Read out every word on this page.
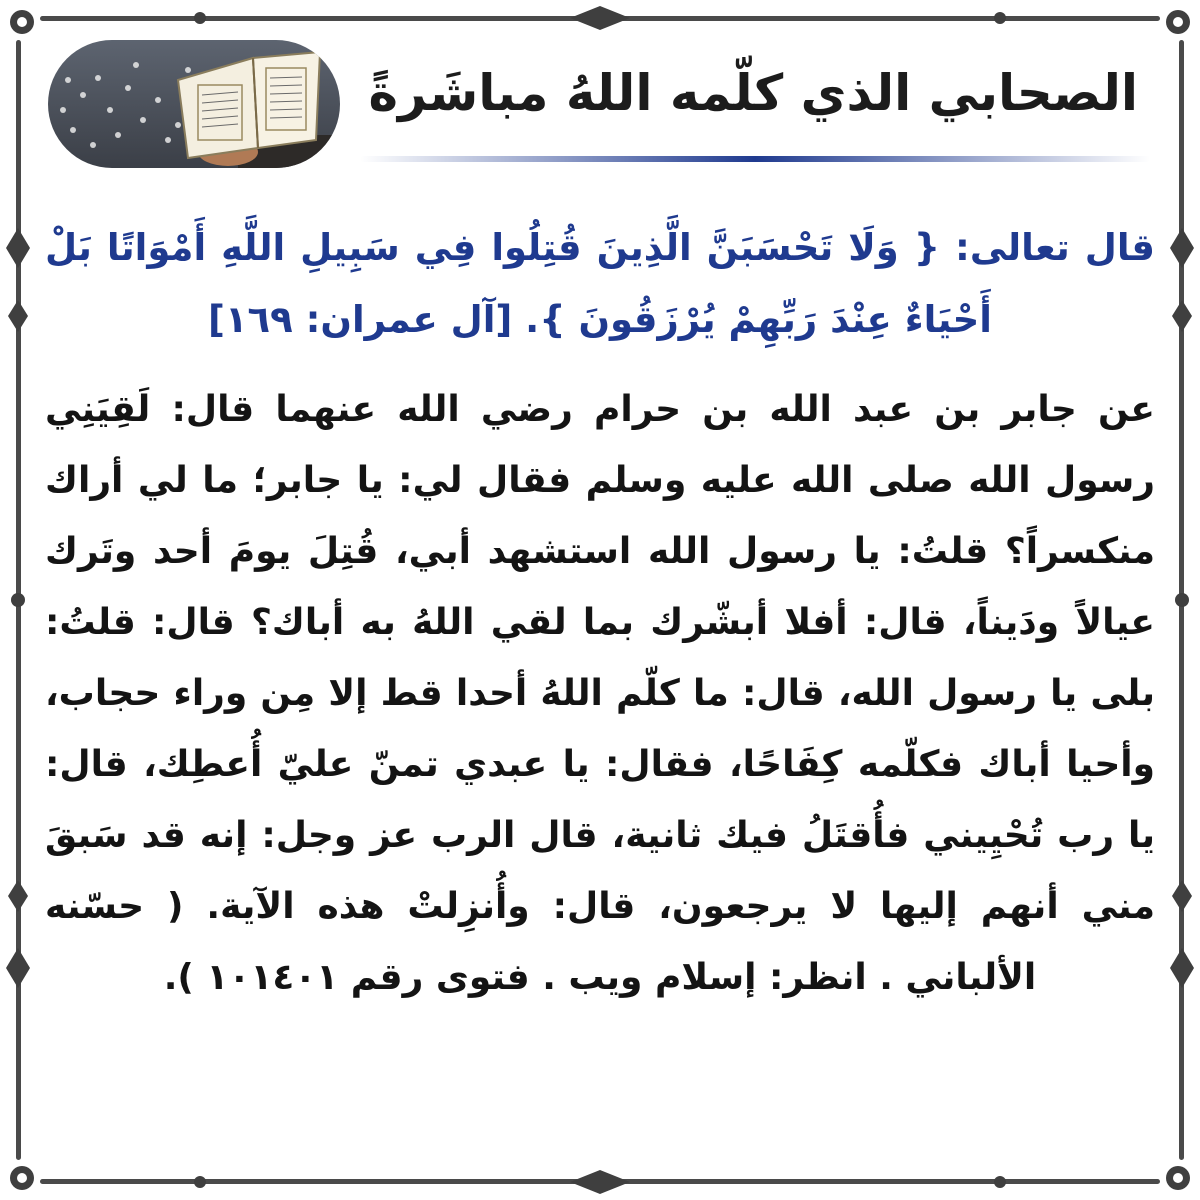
الصحابي الذي كلّمه اللهُ مباشَرةً

قال تعالى: { وَلَا تَحْسَبَنَّ الَّذِينَ قُتِلُوا فِي سَبِيلِ اللَّهِ أَمْوَاتًا بَلْ أَحْيَاءٌ عِنْدَ رَبِّهِمْ يُرْزَقُونَ }. [آل عمران: ١٦٩]

عن جابر بن عبد الله بن حرام رضي الله عنهما قال: لَقِيَنِي رسول الله صلى الله عليه وسلم فقال لي: يا جابر؛ ما لي أراك منكسراً؟ قلتُ: يا رسول الله استشهد أبي، قُتِلَ يومَ أحد وتَرك عيالاً ودَيناً، قال: أفلا أبشّرك بما لقي اللهُ به أباك؟ قال: قلتُ: بلى يا رسول الله، قال: ما كلّم اللهُ أحدا قط إلا مِن وراء حجاب، وأحيا أباك فكلّمه كِفَاحًا، فقال: يا عبدي تمنّ عليّ أُعطِك، قال: يا رب تُحْيِيني فأُقتَلُ فيك ثانية، قال الرب عز وجل: إنه قد سَبقَ مني أنهم إليها لا يرجعون، قال: وأُنزِلتْ هذه الآية. ( حسّنه الألباني . انظر: إسلام ويب . فتوى رقم ١٠١٤٠١ ).
